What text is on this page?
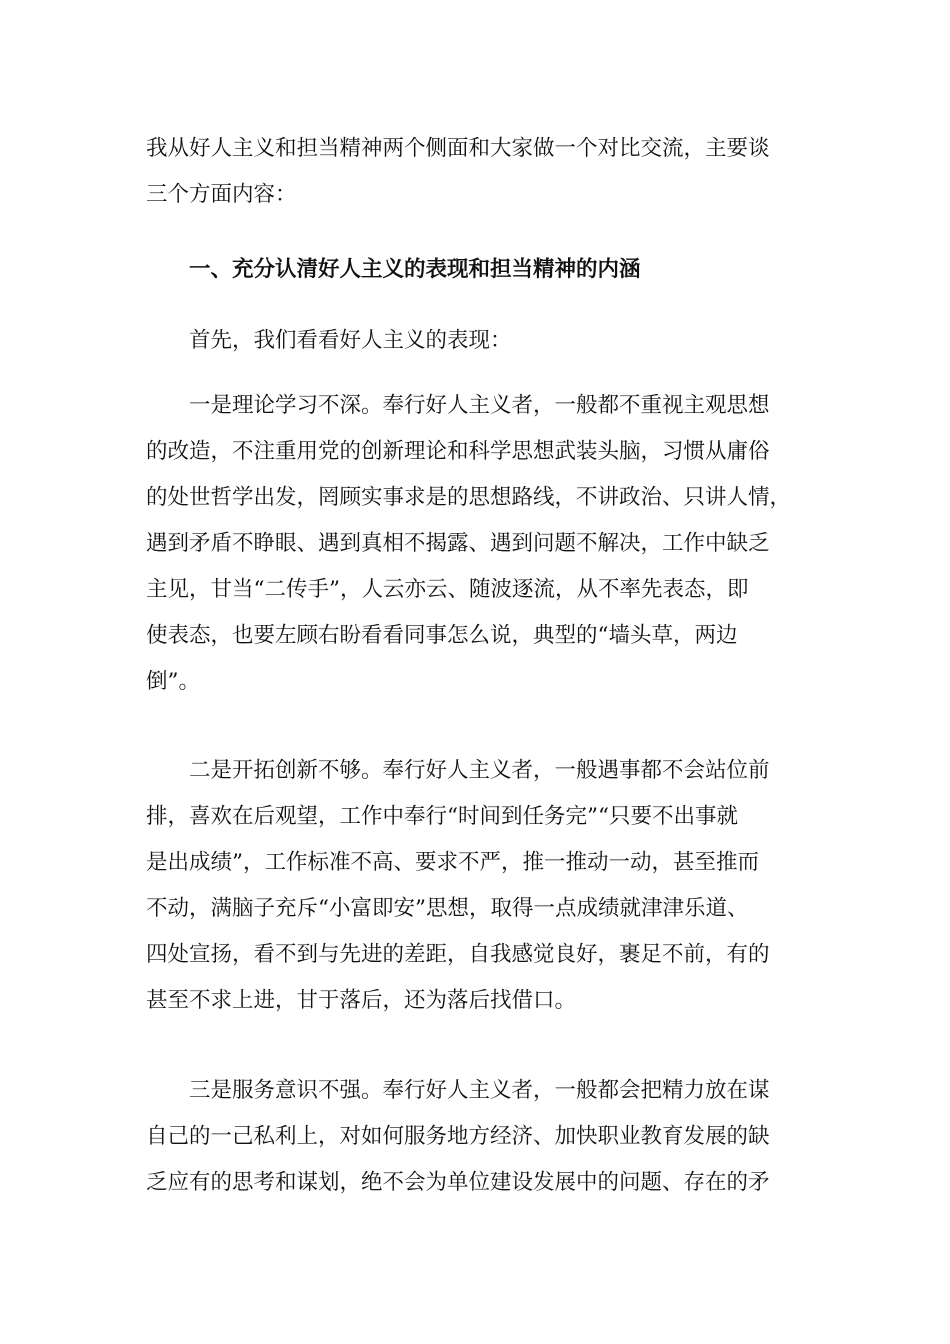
我从好人主义和担当精神两个侧面和大家做一个对比交流，主要谈
三个方面内容：
　　一、充分认清好人主义的表现和担当精神的内涵
　　首先，我们看看好人主义的表现：
　　一是理论学习不深。奉行好人主义者，一般都不重视主观思想
的改造，不注重用党的创新理论和科学思想武装头脑，习惯从庸俗
的处世哲学出发，罔顾实事求是的思想路线，不讲政治、只讲人情，
遇到矛盾不睁眼、遇到真相不揭露、遇到问题不解决，工作中缺乏
主见，甘当“二传手”，人云亦云、随波逐流，从不率先表态，即
使表态，也要左顾右盼看看同事怎么说，典型的“墙头草，两边
倒”。
　　二是开拓创新不够。奉行好人主义者，一般遇事都不会站位前
排，喜欢在后观望，工作中奉行“时间到任务完”“只要不出事就
是出成绩”，工作标准不高、要求不严，推一推动一动，甚至推而
不动，满脑子充斥“小富即安”思想，取得一点成绩就津津乐道、
四处宣扬，看不到与先进的差距，自我感觉良好，裹足不前，有的
甚至不求上进，甘于落后，还为落后找借口。
　　三是服务意识不强。奉行好人主义者，一般都会把精力放在谋
自己的一己私利上，对如何服务地方经济、加快职业教育发展的缺
乏应有的思考和谋划，绝不会为单位建设发展中的问题、存在的矛
